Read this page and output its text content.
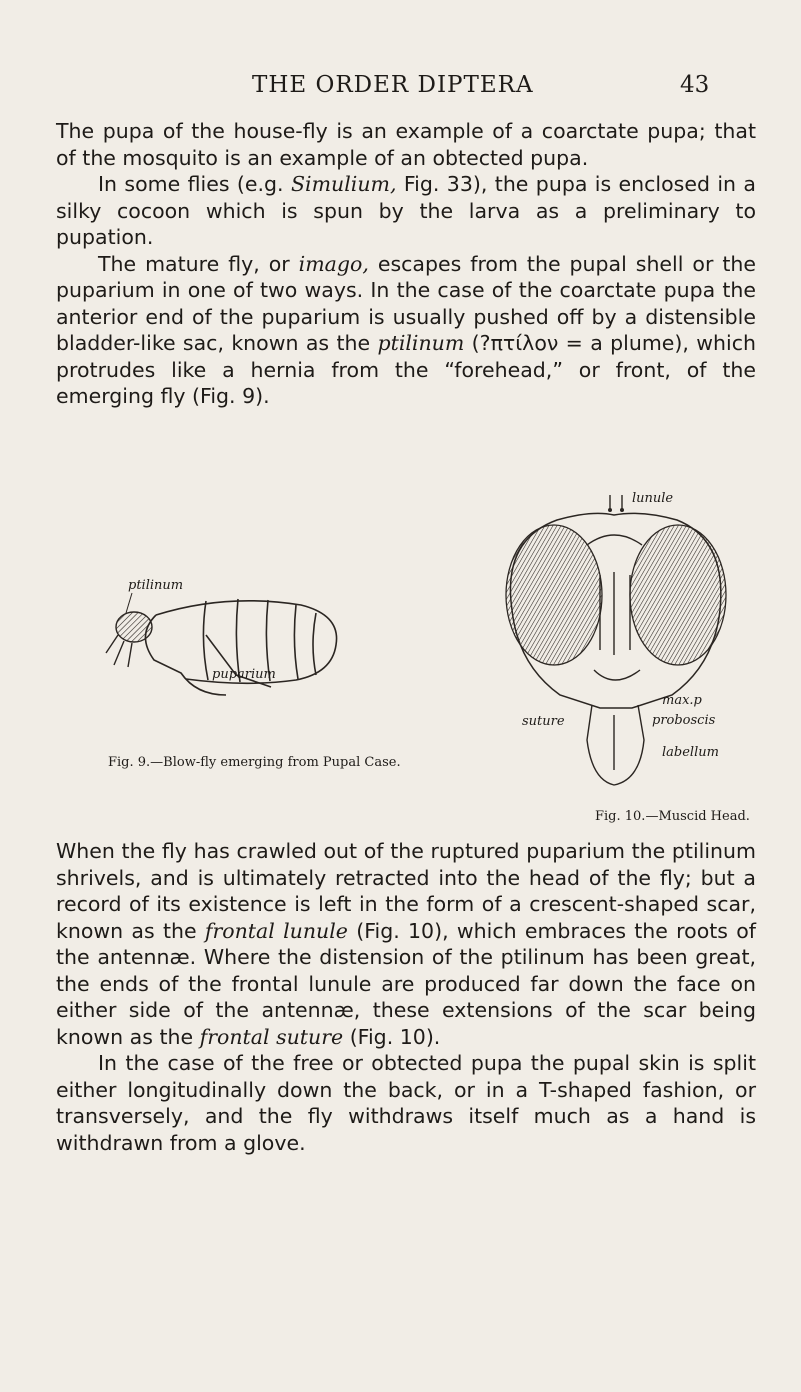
THE ORDER DIPTERA	43

The pupa of the house-fly is an example of a coarctate pupa; that of the mosquito is an example of an obtected pupa.

In some flies (e.g. Simulium, Fig. 33), the pupa is enclosed in a silky cocoon which is spun by the larva as a preliminary to pupation.

The mature fly, or imago, escapes from the pupal shell or the puparium in one of two ways. In the case of the coarctate pupa the anterior end of the puparium is usually pushed off by a distensible bladder-like sac, known as the ptilinum (?πτίλον = a plume), which protrudes like a hernia from the “forehead,” or front, of the emerging fly (Fig. 9).

ptilinum
puparium
lunule
suture
max.p
proboscis
labellum
Fig. 9.—Blow-fly emerging from Pupal Case.
Fig. 10.—Muscid Head.

When the fly has crawled out of the ruptured puparium the ptilinum shrivels, and is ultimately retracted into the head of the fly; but a record of its existence is left in the form of a crescent-shaped scar, known as the frontal lunule (Fig. 10), which embraces the roots of the antennæ. Where the distension of the ptilinum has been great, the ends of the frontal lunule are produced far down the face on either side of the antennæ, these extensions of the scar being known as the frontal suture (Fig. 10).

In the case of the free or obtected pupa the pupal skin is split either longitudinally down the back, or in a T-shaped fashion, or transversely, and the fly withdraws itself much as a hand is withdrawn from a glove.
